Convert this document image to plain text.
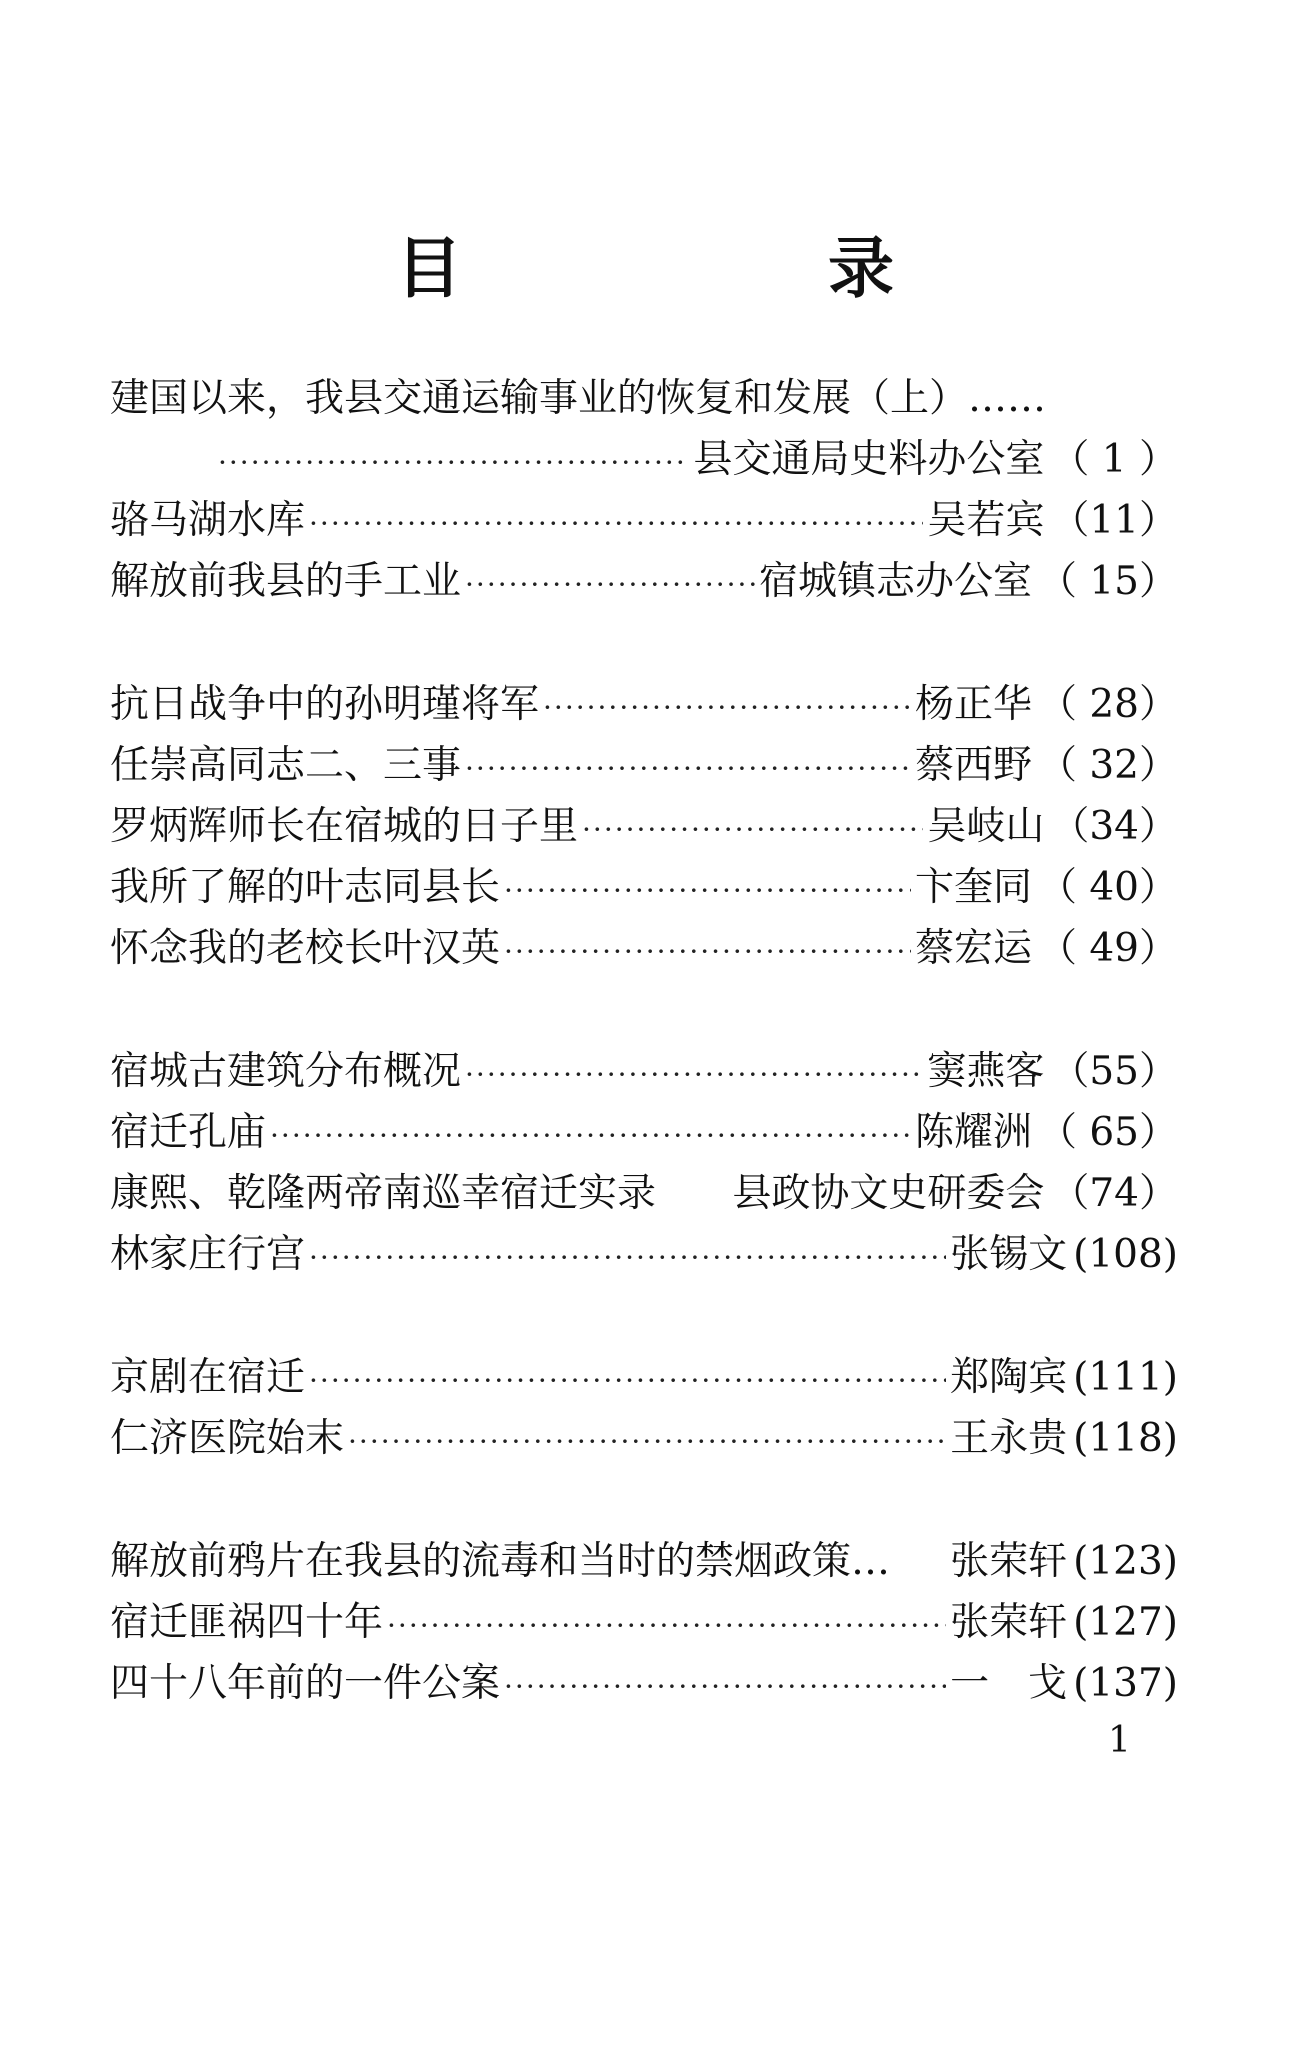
目　录
建国以来，我县交通运输事业的恢复和发展（上）……
·····
县交通局史料办公室 （ 1 ）
骆马湖水库 ·····	吴若宾 （11）
解放前我县的手工业 ·····	宿城镇志办公室 （ 15）
抗日战争中的孙明瑾将军 ·····	杨正华 （ 28）
任崇高同志二、三事 ·····	蔡西野 （ 32）
罗炳辉师长在宿城的日子里 ·····	吴岐山 （34）
我所了解的叶志同县长 ·····	卞奎同 （ 40）
怀念我的老校长叶汉英 ·····	蔡宏运 （ 49）
宿城古建筑分布概况 ·····	窦燕客 （55）
宿迁孔庙 ·····	陈耀洲 （ 65）
康熙、乾隆两帝南巡幸宿迁实录 县政协文史研委会 （74）
林家庄行宫 ·····	张锡文 (108)
京剧在宿迁 ·····	郑陶宾 (111)
仁济医院始末 ·····	王永贵 (118)
解放前鸦片在我县的流毒和当时的禁烟政策… 张荣轩 (123)
宿迁匪祸四十年 ·····	张荣轩 (127)
四十八年前的一件公案 ·····	一　戈 (137)
1
